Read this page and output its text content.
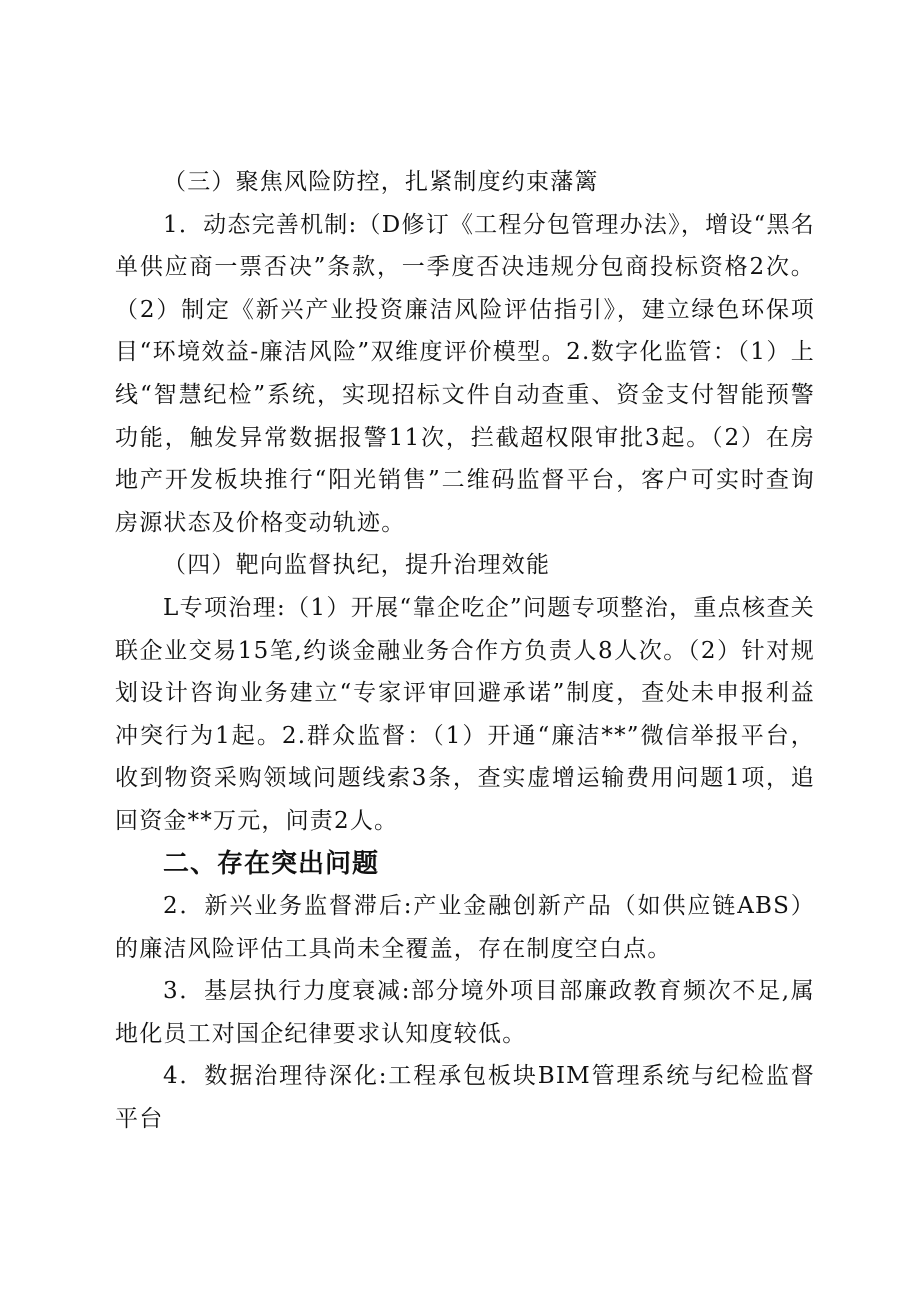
（三）聚焦风险防控，扎紧制度约束藩篱

1．动态完善机制:（D修订《工程分包管理办法》，增设“黑名单供应商一票否决”条款，一季度否决违规分包商投标资格2次。（2）制定《新兴产业投资廉洁风险评估指引》，建立绿色环保项目“环境效益-廉洁风险”双维度评价模型。2.数字化监管：（1）上线“智慧纪检”系统，实现招标文件自动查重、资金支付智能预警功能，触发异常数据报警11次，拦截超权限审批3起。（2）在房地产开发板块推行“阳光销售”二维码监督平台，客户可实时查询房源状态及价格变动轨迹。

（四）靶向监督执纪，提升治理效能

L专项治理:（1）开展“靠企吃企”问题专项整治，重点核查关联企业交易15笔,约谈金融业务合作方负责人8人次。（2）针对规划设计咨询业务建立“专家评审回避承诺”制度，查处未申报利益冲突行为1起。2.群众监督：（1）开通“廉洁**”微信举报平台，收到物资采购领域问题线索3条，查实虚增运输费用问题1项，追回资金**万元，问责2人。

二、存在突出问题

2．新兴业务监督滞后:产业金融创新产品（如供应链ABS）的廉洁风险评估工具尚未全覆盖，存在制度空白点。

3．基层执行力度衰减:部分境外项目部廉政教育频次不足,属地化员工对国企纪律要求认知度较低。

4．数据治理待深化:工程承包板块BIM管理系统与纪检监督平台
